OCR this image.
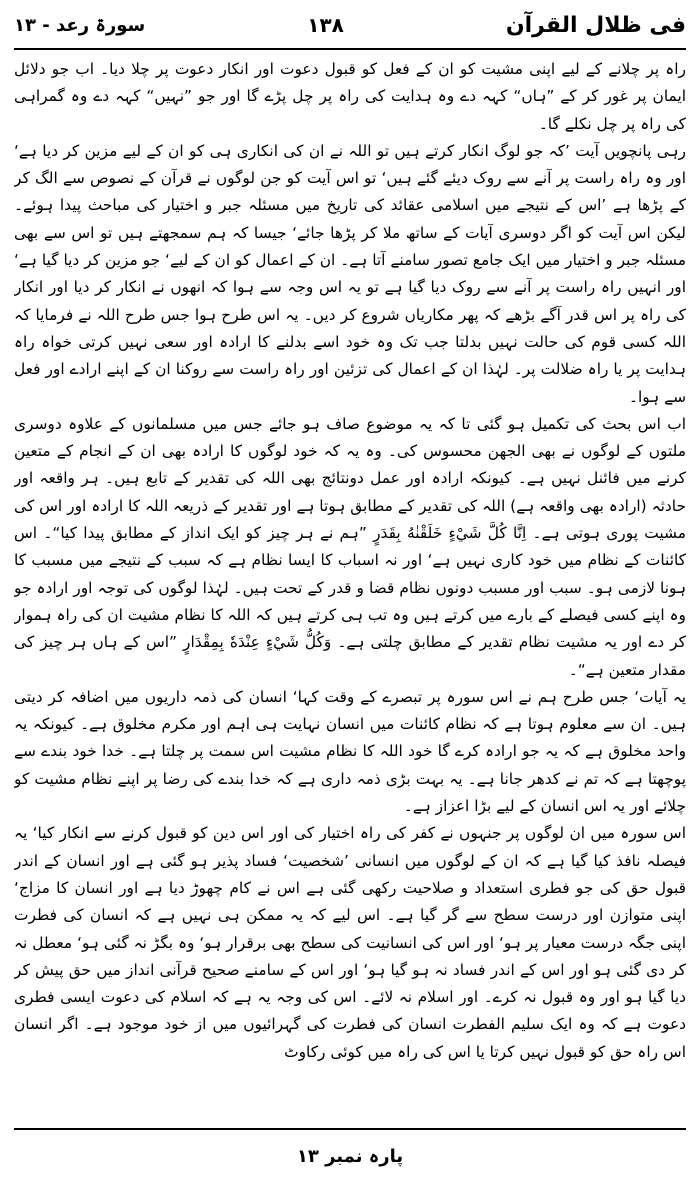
فی ظلال القرآن
۱۳۸
سورۃ رعد - ۱۳

راہ پر چلانے کے لیے اپنی مشیت کو ان کے فعل کو قبول دعوت اور انکار دعوت پر چلا دیا۔ اب جو دلائل ایمان پر غور کر کے ”ہاں“ کہہ دے وہ ہدایت کی راہ پر چل پڑے گا اور جو ”نہیں“ کہہ دے وہ گمراہی کی راہ پر چل نکلے گا۔

رہی پانچویں آیت ’کہ جو لوگ انکار کرتے ہیں تو اللہ نے ان کی انکاری ہی کو ان کے لیے مزین کر دیا ہے‘ اور وہ راہ راست پر آنے سے روک دیئے گئے ہیں‘ تو اس آیت کو جن لوگوں نے قرآن کے نصوص سے الگ کر کے پڑھا ہے ’اس کے نتیجے میں اسلامی عقائد کی تاریخ میں مسئلہ جبر و اختیار کی مباحث پیدا ہوئے۔ لیکن اس آیت کو اگر دوسری آیات کے ساتھ ملا کر پڑھا جائے‘ جیسا کہ ہم سمجھتے ہیں تو اس سے بھی مسئلہ جبر و اختیار میں ایک جامع تصور سامنے آتا ہے۔ ان کے اعمال کو ان کے لیے‘ جو مزین کر دیا گیا ہے‘ اور انہیں راہ راست پر آنے سے روک دیا گیا ہے تو یہ اس وجہ سے ہوا کہ انھوں نے انکار کر دیا اور انکار کی راہ پر اس قدر آگے بڑھے کہ پھر مکاریاں شروع کر دیں۔ یہ اس طرح ہوا جس طرح اللہ نے فرمایا کہ اللہ کسی قوم کی حالت نہیں بدلتا جب تک وہ خود اسے بدلنے کا ارادہ اور سعی نہیں کرتی خواہ راہ ہدایت پر یا راہ ضلالت پر۔ لہٰذا ان کے اعمال کی تزئین اور راہ راست سے روکنا ان کے اپنے ارادے اور فعل سے ہوا۔

اب اس بحث کی تکمیل ہو گئی تا کہ یہ موضوع صاف ہو جائے جس میں مسلمانوں کے علاوہ دوسری ملتوں کے لوگوں نے بھی الجھن محسوس کی۔ وہ یہ کہ خود لوگوں کا ارادہ بھی ان کے انجام کے متعین کرنے میں فائنل نہیں ہے۔ کیونکہ ارادہ اور عمل دونتائج بھی اللہ کی تقدیر کے تابع ہیں۔ ہر واقعہ اور حادثہ (ارادہ بھی واقعہ ہے) اللہ کی تقدیر کے مطابق ہوتا ہے اور تقدیر کے ذریعہ اللہ کا ارادہ اور اس کی مشیت پوری ہوتی ہے۔ اِنَّا كُلَّ شَيْءٍ خَلَقْنٰهُ بِقَدَرٍ ”ہم نے ہر چیز کو ایک انداز کے مطابق پیدا کیا“۔ اس کائنات کے نظام میں خود کاری نہیں ہے‘ اور نہ اسباب کا ایسا نظام ہے کہ سبب کے نتیجے میں مسبب کا ہونا لازمی ہو۔ سبب اور مسبب دونوں نظام قضا و قدر کے تحت ہیں۔ لہٰذا لوگوں کی توجہ اور ارادہ جو وہ اپنے کسی فیصلے کے بارے میں کرتے ہیں وہ تب ہی کرتے ہیں کہ اللہ کا نظام مشیت ان کی راہ ہموار کر دے اور یہ مشیت نظام تقدیر کے مطابق چلتی ہے۔ وَكُلُّ شَيْءٍ عِنْدَهٗ بِمِقْدَارٍ ”اس کے ہاں ہر چیز کی مقدار متعین ہے“۔

یہ آیات‘ جس طرح ہم نے اس سورہ پر تبصرے کے وقت کہا‘ انسان کی ذمہ داریوں میں اضافہ کر دیتی ہیں۔ ان سے معلوم ہوتا ہے کہ نظام کائنات میں انسان نہایت ہی اہم اور مکرم مخلوق ہے۔ کیونکہ یہ واحد مخلوق ہے کہ یہ جو ارادہ کرے گا خود اللہ کا نظام مشیت اس سمت پر چلتا ہے۔ خدا خود بندے سے پوچھتا ہے کہ تم نے کدھر جانا ہے۔ یہ بہت بڑی ذمہ داری ہے کہ خدا بندے کی رضا پر اپنے نظام مشیت کو چلائے اور یہ اس انسان کے لیے بڑا اعزاز ہے۔

اس سورہ میں ان لوگوں پر جنہوں نے کفر کی راہ اختیار کی اور اس دین کو قبول کرنے سے انکار کیا‘ یہ فیصلہ نافذ کیا گیا ہے کہ ان کے لوگوں میں انسانی ’شخصیت‘ فساد پذیر ہو گئی ہے اور انسان کے اندر قبول حق کی جو فطری استعداد و صلاحیت رکھی گئی ہے اس نے کام چھوڑ دیا ہے اور انسان کا مزاج‘ اپنی متوازن اور درست سطح سے گر گیا ہے۔ اس لیے کہ یہ ممکن ہی نہیں ہے کہ انسان کی فطرت اپنی جگہ درست معیار پر ہو‘ اور اس کی انسانیت کی سطح بھی برقرار ہو‘ وہ بگڑ نہ گئی ہو‘ معطل نہ کر دی گئی ہو اور اس کے اندر فساد نہ ہو گیا ہو‘ اور اس کے سامنے صحیح قرآنی انداز میں حق پیش کر دیا گیا ہو اور وہ قبول نہ کرے۔ اور اسلام نہ لائے۔ اس کی وجہ یہ ہے کہ اسلام کی دعوت ایسی فطری دعوت ہے کہ وہ ایک سلیم الفطرت انسان کی فطرت کی گہرائیوں میں از خود موجود ہے۔ اگر انسان اس راہ حق کو قبول نہیں کرتا یا اس کی راہ میں کوئی رکاوٹ

پارہ نمبر ۱۳
